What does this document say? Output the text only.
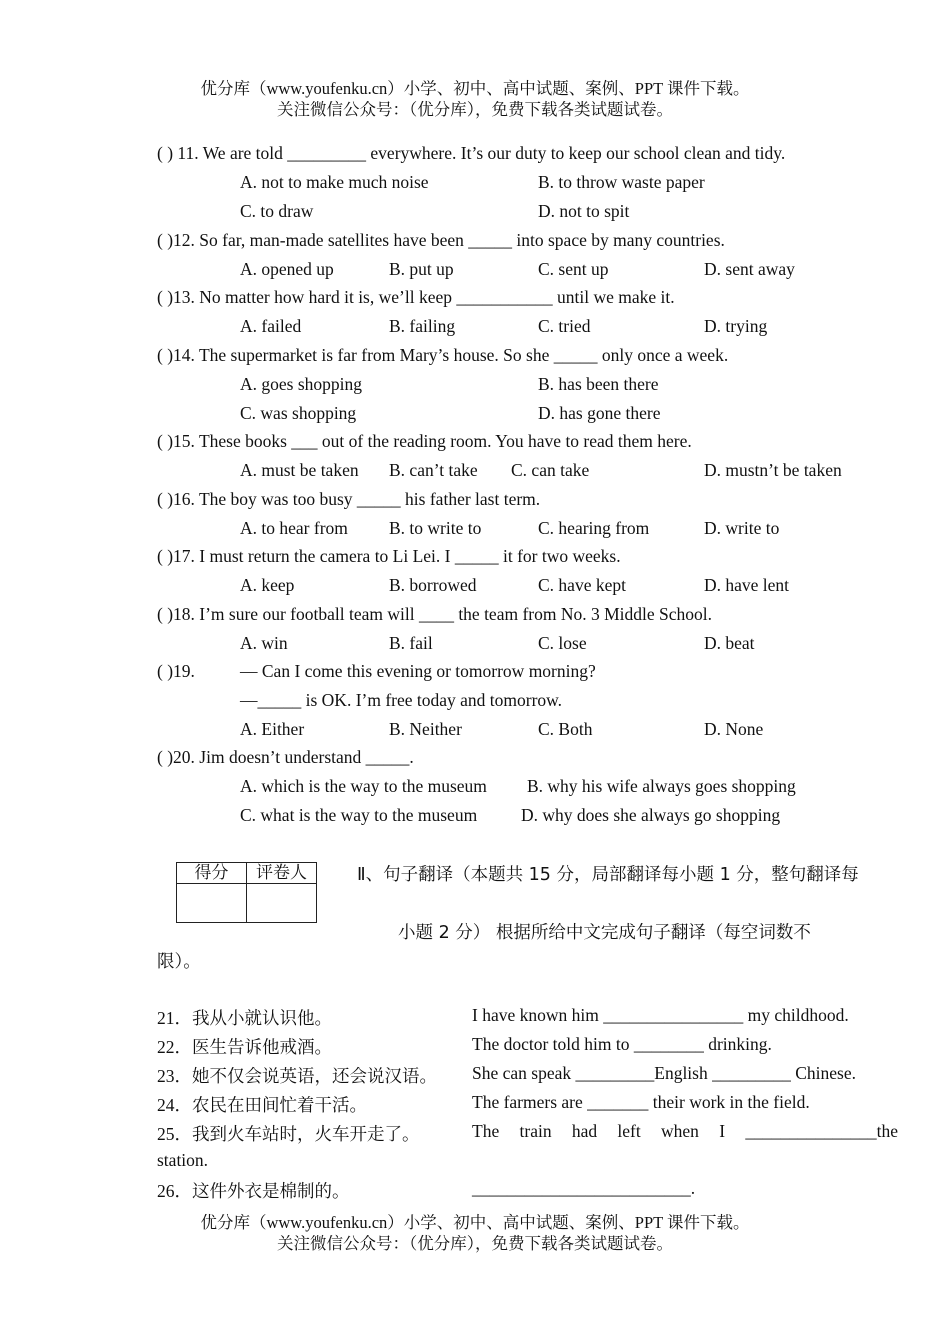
优分库（www.youfenku.cn）小学、初中、高中试题、案例、PPT 课件下载。
关注微信公众号：（优分库），免费下载各类试题试卷。
( ) 11. We are told _________ everywhere. It’s our duty to keep our school clean and tidy.
A. not to make much noise	B. to throw waste paper
C. to draw	D. not to spit
( )12. So far, man-made satellites have been _____ into space by many countries.
A. opened up	B. put up	C. sent up	D. sent away
( )13. No matter how hard it is, we’ll keep ___________ until we make it.
A. failed	B. failing	C. tried	D. trying
( )14. The supermarket is far from Mary’s house. So she _____ only once a week.
A. goes shopping	B. has been there
C. was shopping	D. has gone there
( )15. These books ___ out of the reading room. You have to read them here.
A. must be taken B. can’t take C. can take	D. mustn’t be taken
( )16. The boy was too busy _____ his father last term.
A. to hear from B. to write to	C. hearing from	D. write to
( )17. I must return the camera to Li Lei. I _____ it for two weeks.
A. keep	B. borrowed	C. have kept	D. have lent
( )18. I’m sure our football team will ____ the team from No. 3 Middle School.
A. win	B. fail	C. lose	D. beat
( )19.	— Can I come this evening or tomorrow morning?
—_____ is OK. I’m free today and tomorrow.
A. Either	B. Neither	C. Both	D. None
( )20. Jim doesn’t understand _____.
A. which is the way to the museum B. why his wife always goes shopping
C. what is the way to the museum	D. why does she always go shopping
得分	评卷人
		Ⅱ、句子翻译（本题共 15 分，局部翻译每小题 1 分，整句翻译每
小题 2 分） 根据所给中文完成句子翻译（每空词数不
限）。
21．我从小就认识他。	I have known him ________________ my childhood.
22．医生告诉他戒酒。	The doctor told him to ________ drinking.
23．她不仅会说英语，还会说汉语。 She can speak _________English _________ Chinese.
24．农民在田间忙着干活。	The farmers are _______ their work in the field.
25．我到火车站时，火车开走了。	The train had left when I _______________the
station.
26．这件外衣是棉制的。	_________________________.
优分库（www.youfenku.cn）小学、初中、高中试题、案例、PPT 课件下载。
关注微信公众号：（优分库），免费下载各类试题试卷。
